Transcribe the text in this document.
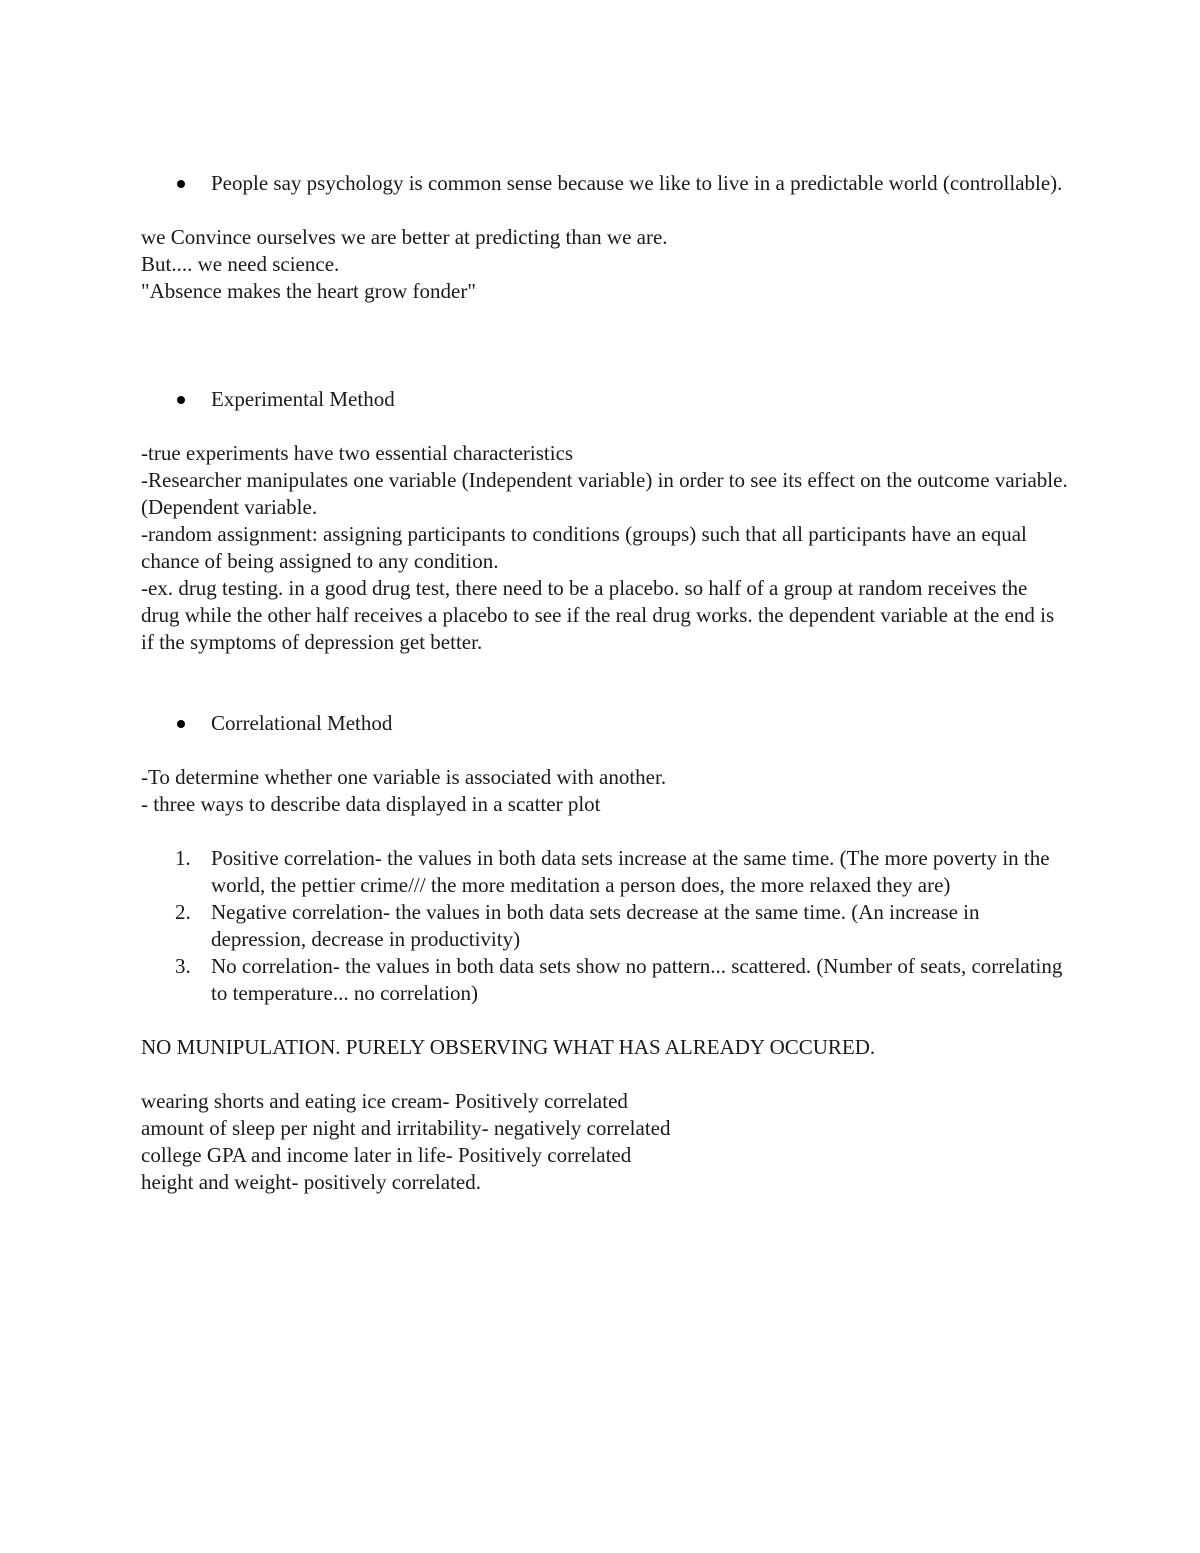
People say psychology is common sense because we like to live in a predictable world (controllable).
we Convince ourselves we are better at predicting than we are.
But.... we need science.
"Absence makes the heart grow fonder"
Experimental Method
-true experiments have two essential characteristics
-Researcher manipulates one variable (Independent variable) in order to see its effect on the outcome variable. (Dependent variable.
-random assignment: assigning participants to conditions (groups) such that all participants have an equal chance of being assigned to any condition.
-ex. drug testing. in a good drug test, there need to be a placebo. so half of a group at random receives the drug while the other half receives a placebo to see if the real drug works. the dependent variable at the end is if the symptoms of depression get better.
Correlational Method
-To determine whether one variable is associated with another.
- three ways to describe data displayed in a scatter plot
1. Positive correlation- the values in both data sets increase at the same time. (The more poverty in the world, the pettier crime/// the more meditation a person does, the more relaxed they are)
2. Negative correlation- the values in both data sets decrease at the same time. (An increase in depression, decrease in productivity)
3. No correlation- the values in both data sets show no pattern... scattered. (Number of seats, correlating to temperature... no correlation)
NO MUNIPULATION. PURELY OBSERVING WHAT HAS ALREADY OCCURED.
wearing shorts and eating ice cream- Positively correlated
amount of sleep per night and irritability- negatively correlated
college GPA and income later in life- Positively correlated
height and weight- positively correlated.
